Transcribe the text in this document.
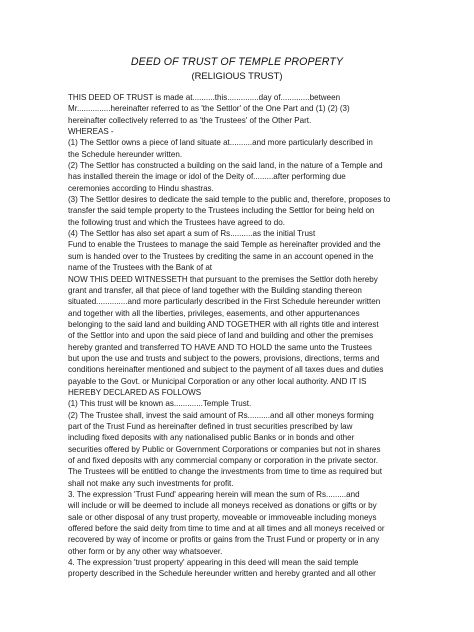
DEED OF TRUST OF TEMPLE PROPERTY
(RELIGIOUS TRUST)
THIS DEED OF TRUST is made at..........this..............day of.............between
Mr...............hereinafter referred to as 'the Settlor' of the One Part and (1) (2) (3)
hereinafter collectively referred to as 'the Trustees' of the Other Part.
WHEREAS -
(1) The Settlor owns a piece of land situate at..........and more particularly described in
the Schedule hereunder written.
(2) The Settlor has constructed a building on the said land, in the nature of a Temple and
has installed therein the image or idol of the Deity of.........after performing due
ceremonies according to Hindu shastras.
(3) The Settlor desires to dedicate the said temple to the public and, therefore, proposes to
transfer the said temple property to the Trustees including the Settlor for being held on
the following trust and which the Trustees have agreed to do.
(4) The Settlor has also set apart a sum of Rs..........as the initial Trust
Fund to enable the Trustees to manage the said Temple as hereinafter provided and the
sum is handed over to the Trustees by crediting the same in an account opened in the
name of the Trustees with the Bank of at
NOW THIS DEED WITNESSETH that pursuant to the premises the Settlor doth hereby
grant and transfer, all that piece of land together with the Building standing thereon
situated..............and more particularly described in the First Schedule hereunder written
and together with all the liberties, privileges, easements, and other appurtenances
belonging to the said land and building AND TOGETHER with all rights title and interest
of the Settlor into and upon the said piece of land and building and other the premises
hereby granted and transferred TO HAVE AND TO HOLD the same unto the Trustees
but upon the use and trusts and subject to the powers, provisions, directions, terms and
conditions hereinafter mentioned and subject to the payment of all taxes dues and duties
payable to the Govt. or Municipal Corporation or any other local authority. AND IT IS
HEREBY DECLARED AS FOLLOWS
(1) This trust will be known as.............Temple Trust.
(2) The Trustee shall, invest the said amount of Rs..........and all other moneys forming
part of the Trust Fund as hereinafter defined in trust securities prescribed by law
including fixed deposits with any nationalised public Banks or in bonds and other
securities offered by Public or Government Corporations or companies but not in shares
of and fixed deposits with any commercial company or corporation in the private sector.
The Trustees will be entitled to change the investments from time to time as required but
shall not make any such investments for profit.
3. The expression 'Trust Fund' appearing herein will mean the sum of Rs.........and
will include or will be deemed to include all moneys received as donations or gifts or by
sale or other disposal of any trust property, moveable or immoveable including moneys
offered before the said deity from time to time and at all times and all moneys received or
recovered by way of income or profits or gains from the Trust Fund or property or in any
other form or by any other way whatsoever.
4. The expression 'trust property' appearing in this deed will mean the said temple
property described in the Schedule hereunder written and hereby granted and all other
